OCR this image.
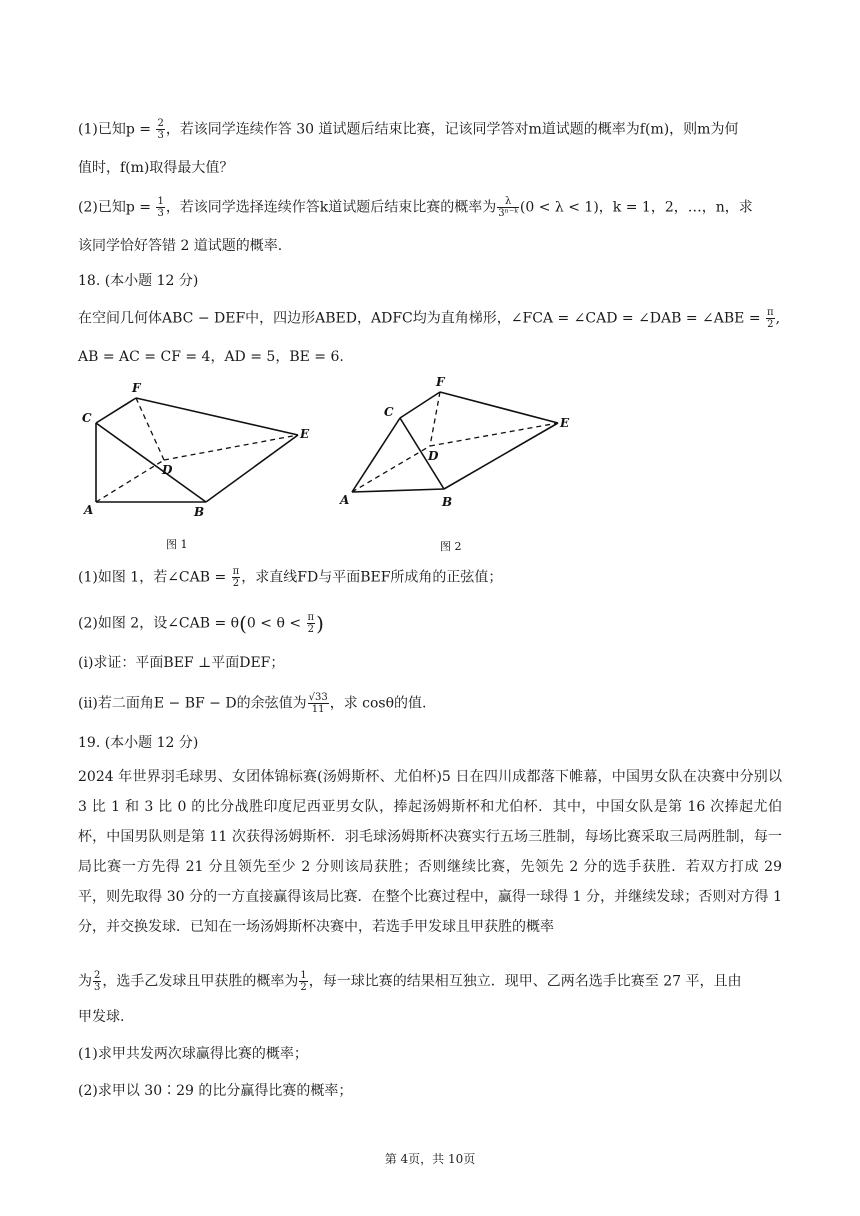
(1)已知$p = \frac{2}{3}$ ，若该同学连续作答 30 道试题后结束比赛，记该同学答对m道试题的概率为f(m)，则m为何
值时，f(m)取得最大值？
(2)已知$p = \frac{1}{3}$ ，若该同学选择连续作答k道试题后结束比赛的概率为 $\frac{\lambda}{\text{3ⁿ⁻ᵏ}} (0 < \lambda < 1)$，k = 1，2，…，n，求
该同学恰好答错 2 道试题的概率.
18. (本小题 12 分)
在空间几何体ABC − DEF中，四边形ABED，ADFC均为直角梯形，∠FCA = ∠CAD = ∠DAB = ∠ABE = $\frac{\pi}{2}$ ,
AB = AC = CF = 4，AD = 5，BE = 6.
C
F
E
D
A	B
图 1
C
F
E
D
A	B
图 2
(1)如图 1，若∠CAB = $\frac{\pi}{2}$ ，求直线FD与平面BEF所成角的正弦值；
(2)如图 2，设∠CAB = $\theta(0 < \theta < \frac{\pi}{2}$ )
(i)求证：平面BEF ⊥平面DEF；
(ii)若二面角E − BF − D的余弦值为 $\frac{√33}{11}$ ，求 cosθ的值.
19. (本小题 12 分)
2024 年世界羽毛球男、女团体锦标赛(汤姆斯杯、尤伯杯)5 日在四川成都落下帷幕，中国男女队在决赛中分别以 3 比 1 和 3 比 0 的比分战胜印度尼西亚男女队，捧起汤姆斯杯和尤伯杯．其中，中国女队是第 16 次捧起尤伯杯，中国男队则是第 11 次获得汤姆斯杯．羽毛球汤姆斯杯决赛实行五场三胜制，每场比赛采取三局两胜制，每一局比赛一方先得 21 分且领先至少 2 分则该局获胜；否则继续比赛，先领先 2 分的选手获胜．若双方打成 29 平，则先取得 30 分的一方直接赢得该局比赛．在整个比赛过程中，赢得一球得 1 分，并继续发球；否则对方得 1 分，并交换发球．已知在一场汤姆斯杯决赛中，若选手甲发球且甲获胜的概率
为 $\frac{2}{3}$ ，选手乙发球且甲获胜的概率为 $\frac{1}{2}$ ，每一球比赛的结果相互独立．现甲、乙两名选手比赛至 27 平，且由
甲发球.
(1)求甲共发两次球赢得比赛的概率；
(2)求甲以 30∶29 的比分赢得比赛的概率；
第 4页，共 10页
